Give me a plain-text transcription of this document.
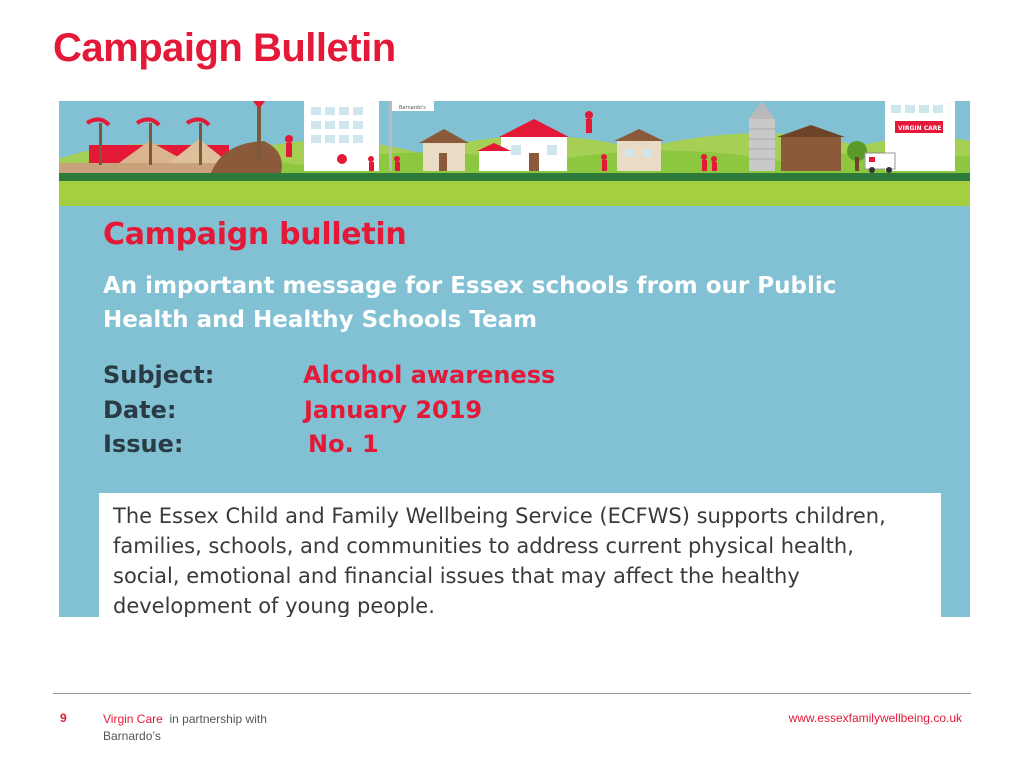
Campaign Bulletin
Barnardo's
VIRGIN CARE
Campaign bulletin
An important message for Essex schools from our Public Health and Healthy Schools Team
Subject:	Alcohol awareness
Date:	January 2019
Issue:	No. 1
The Essex Child and Family Wellbeing Service (ECFWS) supports children, families, schools, and communities to address current physical health, social, emotional and financial issues that may affect the healthy development of young people.
9	Virgin Care in partnership with
Barnardo’s
www.essexfamilywellbeing.co.uk
